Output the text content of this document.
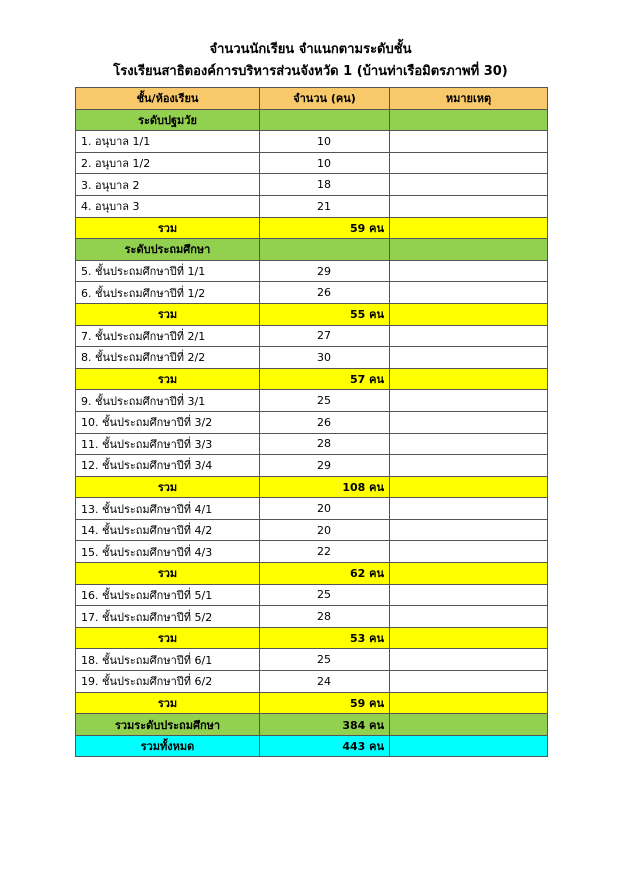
จำนวนนักเรียน จำแนกตามระดับชั้น
โรงเรียนสาธิตองค์การบริหารส่วนจังหวัด 1 (บ้านท่าเรือมิตรภาพที่ 30)
ชั้น/ห้องเรียน	จำนวน (คน)	หมายเหตุ
ระดับปฐมวัย		
1. อนุบาล 1/1	10	
2. อนุบาล 1/2	10	
3. อนุบาล 2	18	
4. อนุบาล 3	21	
รวม	59 คน	
ระดับประถมศึกษา		
5. ชั้นประถมศึกษาปีที่ 1/1	29	
6. ชั้นประถมศึกษาปีที่ 1/2	26	
รวม	55 คน	
7. ชั้นประถมศึกษาปีที่ 2/1	27	
8. ชั้นประถมศึกษาปีที่ 2/2	30	
รวม	57 คน	
9. ชั้นประถมศึกษาปีที่ 3/1	25	
10. ชั้นประถมศึกษาปีที่ 3/2	26	
11. ชั้นประถมศึกษาปีที่ 3/3	28	
12. ชั้นประถมศึกษาปีที่ 3/4	29	
รวม	108 คน	
13. ชั้นประถมศึกษาปีที่ 4/1	20	
14. ชั้นประถมศึกษาปีที่ 4/2	20	
15. ชั้นประถมศึกษาปีที่ 4/3	22	
รวม	62 คน	
16. ชั้นประถมศึกษาปีที่ 5/1	25	
17. ชั้นประถมศึกษาปีที่ 5/2	28	
รวม	53 คน	
18. ชั้นประถมศึกษาปีที่ 6/1	25	
19. ชั้นประถมศึกษาปีที่ 6/2	24	
รวม	59 คน	
รวมระดับประถมศึกษา	384 คน	
รวมทั้งหมด	443 คน	
